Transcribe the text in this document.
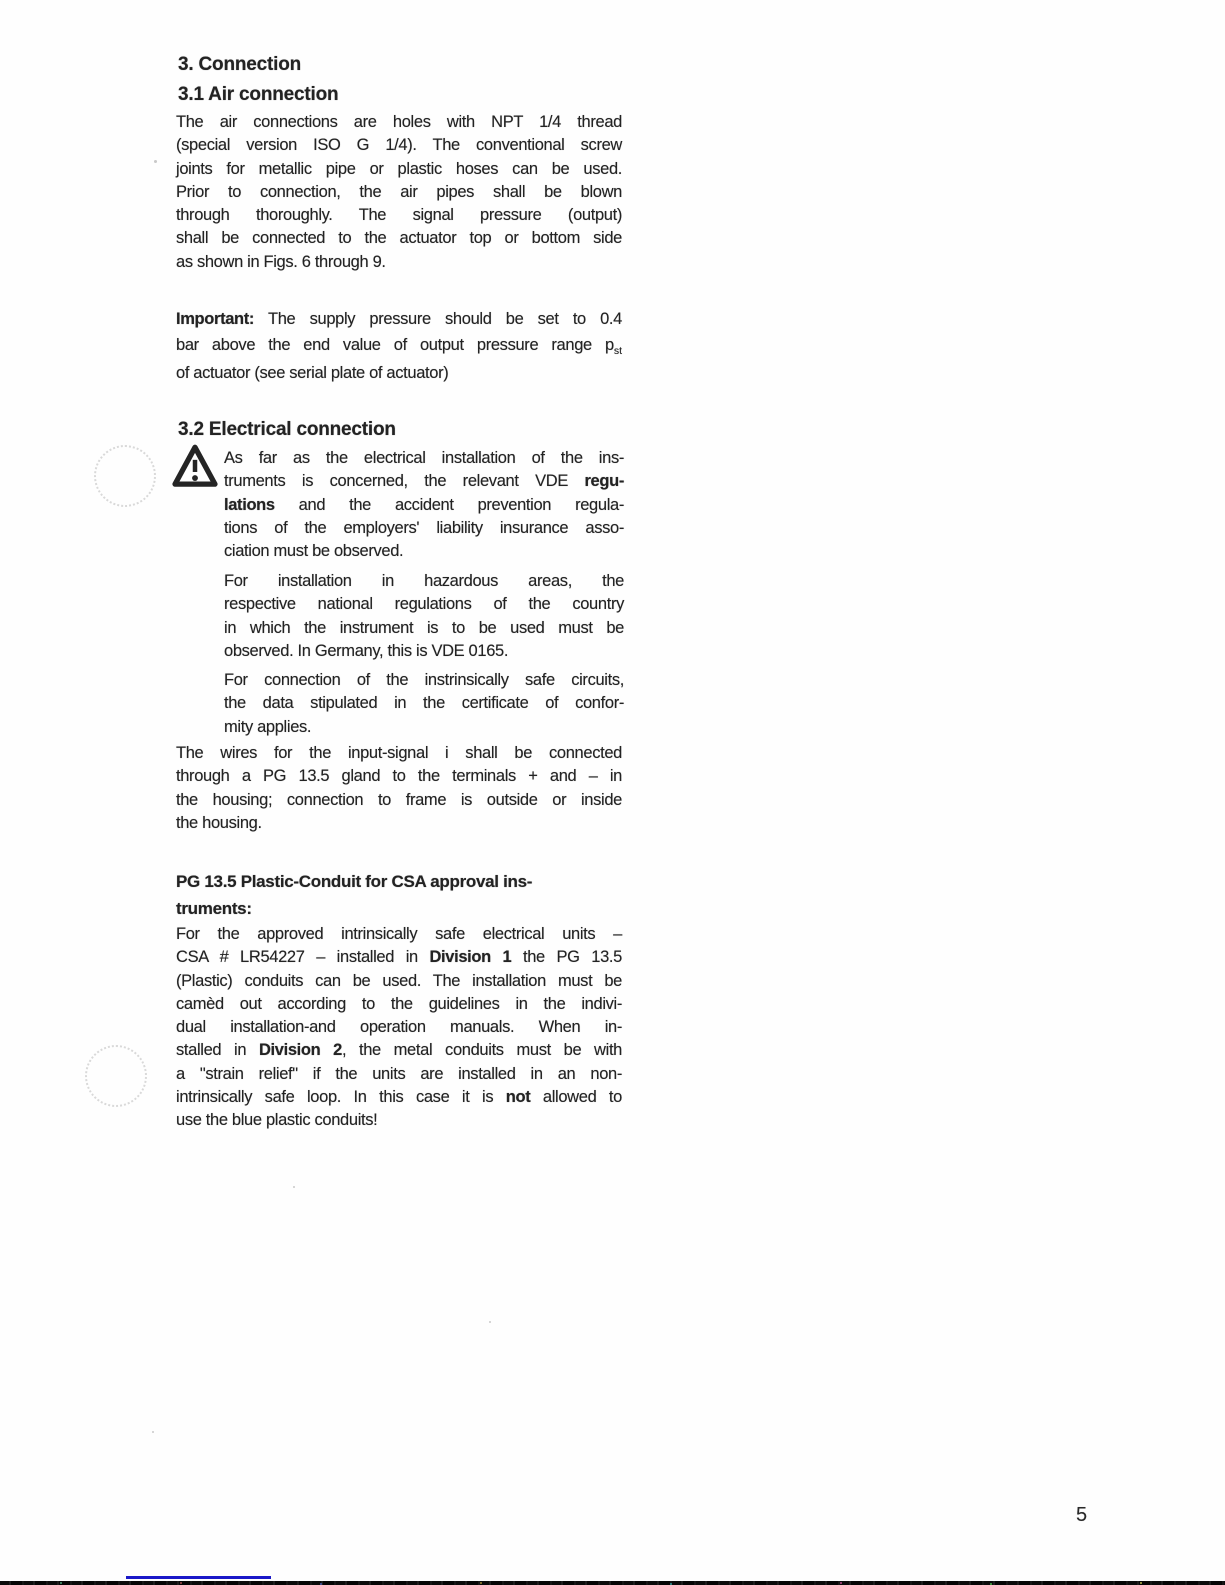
3. Connection
3.1 Air connection
The air connections are holes with NPT 1/4 thread
(special version ISO G 1/4). The conventional screw
joints for metallic pipe or plastic hoses can be used.
Prior to connection, the air pipes shall be blown
through thoroughly. The signal pressure (output)
shall be connected to the actuator top or bottom side
as shown in Figs. 6 through 9.
Important: The supply pressure should be set to 0.4
bar above the end value of output pressure range $p_{st}$
of actuator (see serial plate of actuator)
3.2 Electrical connection
As far as the electrical installation of the ins-
truments is concerned, the relevant VDE regu-
lations and the accident prevention regula-
tions of the employers' liability insurance asso-
ciation must be observed.
For installation in hazardous areas, the
respective national regulations of the country
in which the instrument is to be used must be
observed. In Germany, this is VDE 0165.
For connection of the instrinsically safe circuits,
the data stipulated in the certificate of confor-
mity applies.
The wires for the input-signal i shall be connected
through a PG 13.5 gland to the terminals + and – in
the housing; connection to frame is outside or inside
the housing.
PG 13.5 Plastic-Conduit for CSA approval ins-
truments:
For the approved intrinsically safe electrical units –
CSA # LR54227 – installed in Division 1 the PG 13.5
(Plastic) conduits can be used. The installation must be
camèd out according to the guidelines in the indivi-
dual installation-and operation manuals. When in-
stalled in Division 2, the metal conduits must be with
a "strain relief" if the units are installed in an non-
intrinsically safe loop. In this case it is not allowed to
use the blue plastic conduits!
5
